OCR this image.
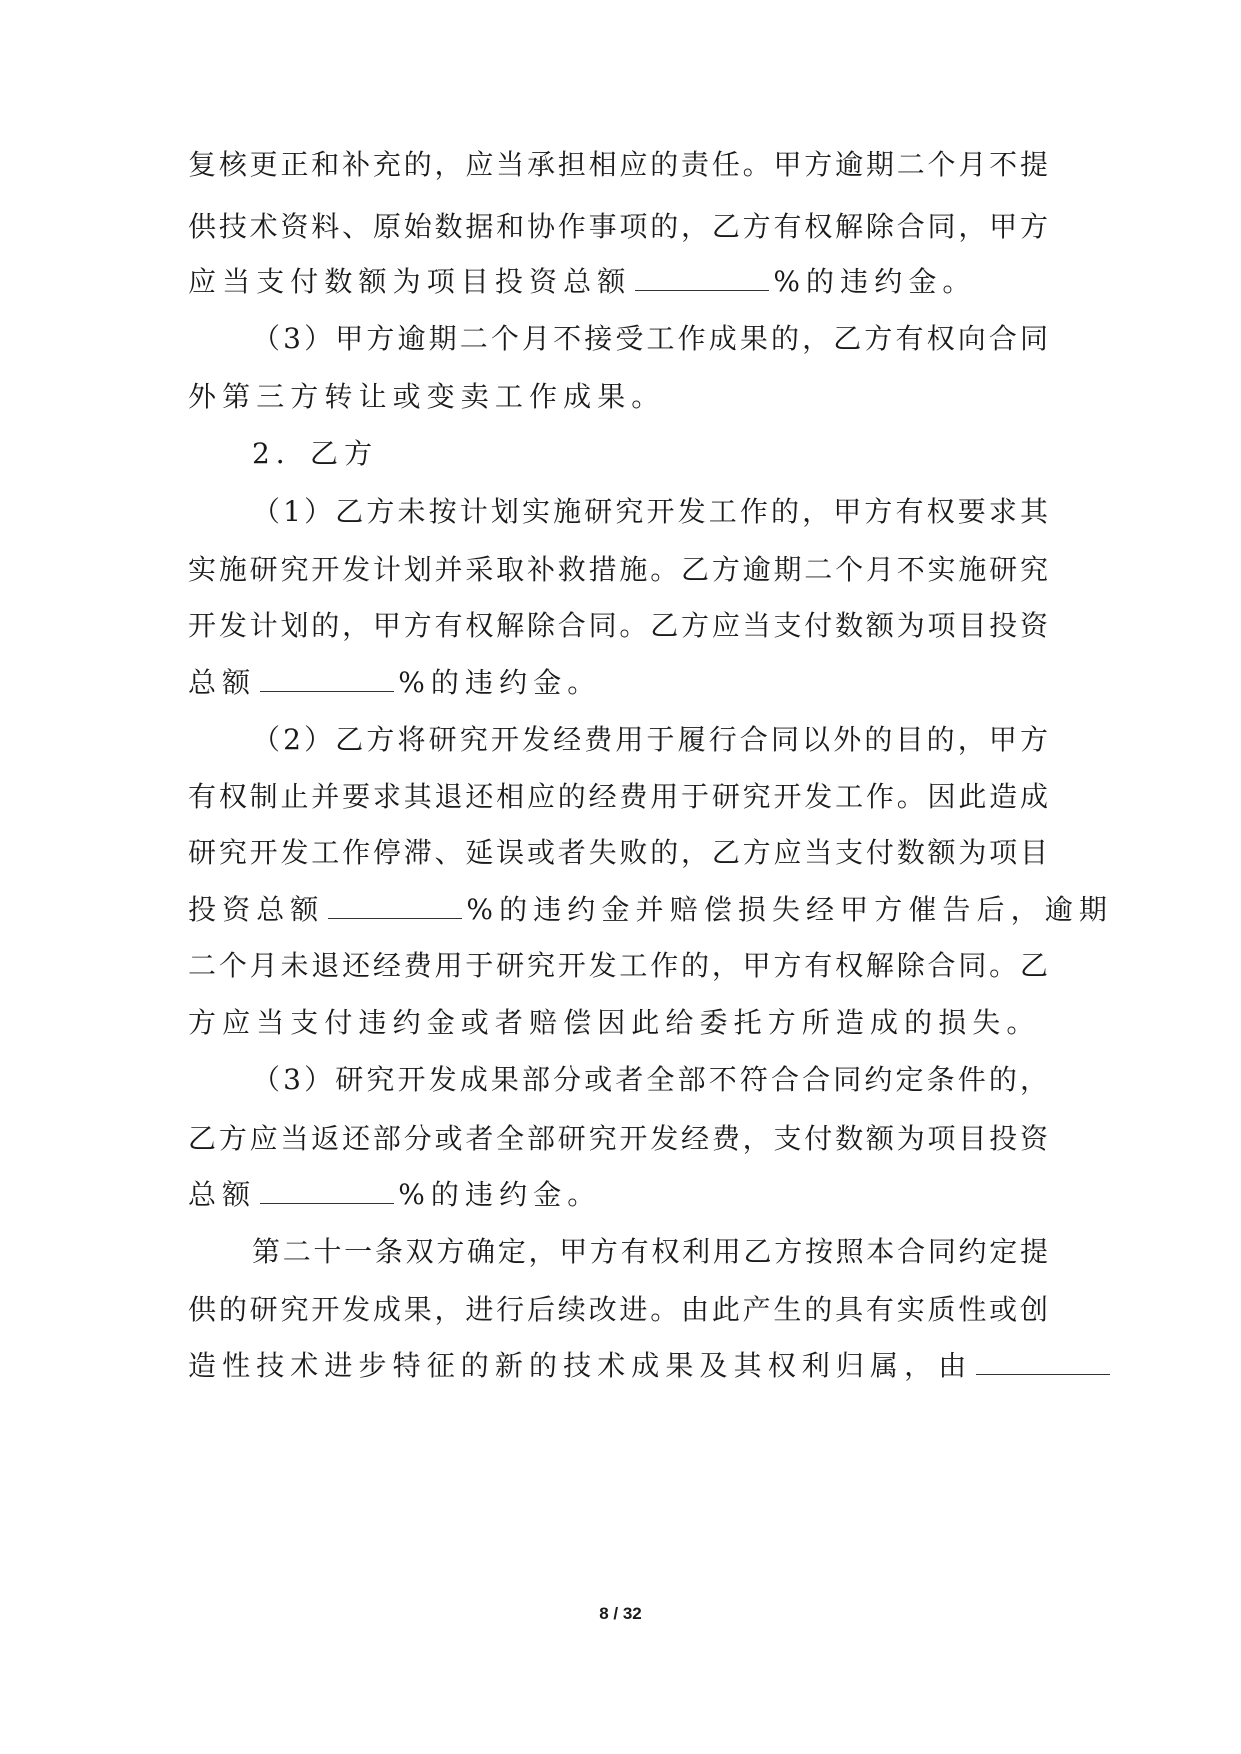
复核更正和补充的，应当承担相应的责任。甲方逾期二个月不提
供技术资料、原始数据和协作事项的，乙方有权解除合同，甲方
应当支付数额为项目投资总额	%的违约金。
（3）甲方逾期二个月不接受工作成果的，乙方有权向合同
外第三方转让或变卖工作成果。
2．乙方
（1）乙方未按计划实施研究开发工作的，甲方有权要求其
实施研究开发计划并采取补救措施。乙方逾期二个月不实施研究
开发计划的，甲方有权解除合同。乙方应当支付数额为项目投资
总额	%的违约金。
（2）乙方将研究开发经费用于履行合同以外的目的，甲方
有权制止并要求其退还相应的经费用于研究开发工作。因此造成
研究开发工作停滞、延误或者失败的，乙方应当支付数额为项目
投资总额	%的违约金并赔偿损失经甲方催告后，逾期
二个月未退还经费用于研究开发工作的，甲方有权解除合同。乙
方应当支付违约金或者赔偿因此给委托方所造成的损失。
（3）研究开发成果部分或者全部不符合合同约定条件的，
乙方应当返还部分或者全部研究开发经费，支付数额为项目投资
总额	%的违约金。
第二十一条双方确定，甲方有权利用乙方按照本合同约定提
供的研究开发成果，进行后续改进。由此产生的具有实质性或创
造性技术进步特征的新的技术成果及其权利归属，由
8 / 32
